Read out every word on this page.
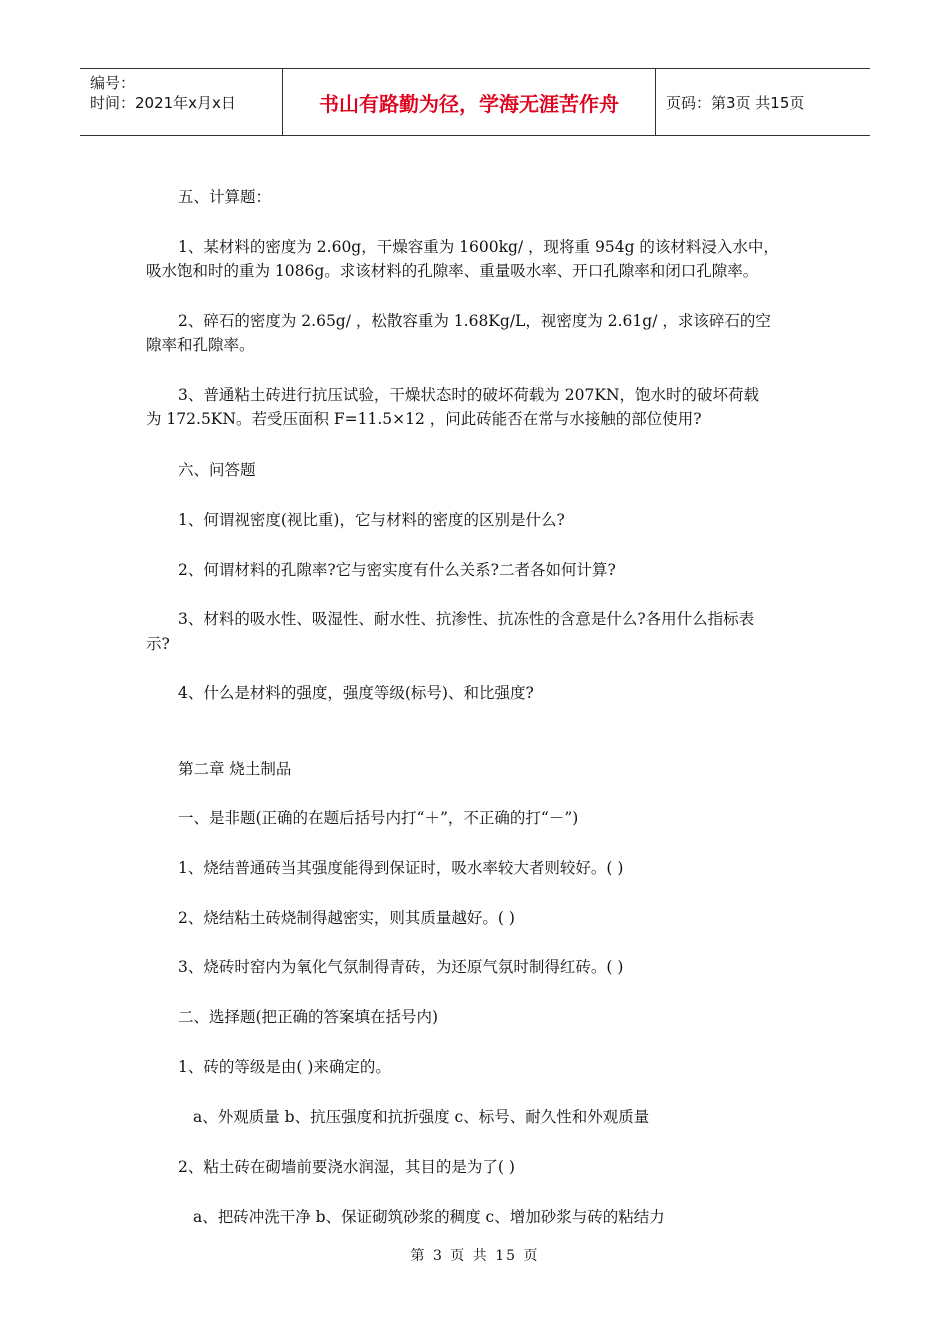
编号：
时间：2021年x月x日	书山有路勤为径，学海无涯苦作舟	页码：第3页 共15页
五、计算题：
1、某材料的密度为 2.60g，干燥容重为 1600kg/ ，现将重 954g 的该材料浸入水中，
吸水饱和时的重为 1086g。求该材料的孔隙率、重量吸水率、开口孔隙率和闭口孔隙率。
2、碎石的密度为 2.65g/ ，松散容重为 1.68Kg/L，视密度为 2.61g/ ，求该碎石的空
隙率和孔隙率。
3、普通粘土砖进行抗压试验，干燥状态时的破坏荷载为 207KN，饱水时的破坏荷载
为 172.5KN。若受压面积 F=11.5×12 ，问此砖能否在常与水接触的部位使用?
六、问答题
1、何谓视密度(视比重)，它与材料的密度的区别是什么?
2、何谓材料的孔隙率?它与密实度有什么关系?二者各如何计算?
3、材料的吸水性、吸湿性、耐水性、抗渗性、抗冻性的含意是什么?各用什么指标表
示?
4、什么是材料的强度，强度等级(标号)、和比强度?
第二章 烧土制品
一、是非题(正确的在题后括号内打“＋”，不正确的打“－”)
1、烧结普通砖当其强度能得到保证时，吸水率较大者则较好。( )
2、烧结粘土砖烧制得越密实，则其质量越好。( )
3、烧砖时窑内为氧化气氛制得青砖，为还原气氛时制得红砖。( )
二、选择题(把正确的答案填在括号内)
1、砖的等级是由( )来确定的。
a、外观质量 b、抗压强度和抗折强度 c、标号、耐久性和外观质量
2、粘土砖在砌墙前要浇水润湿，其目的是为了( )
a、把砖冲洗干净 b、保证砌筑砂浆的稠度 c、增加砂浆与砖的粘结力
第 3 页 共 15 页
